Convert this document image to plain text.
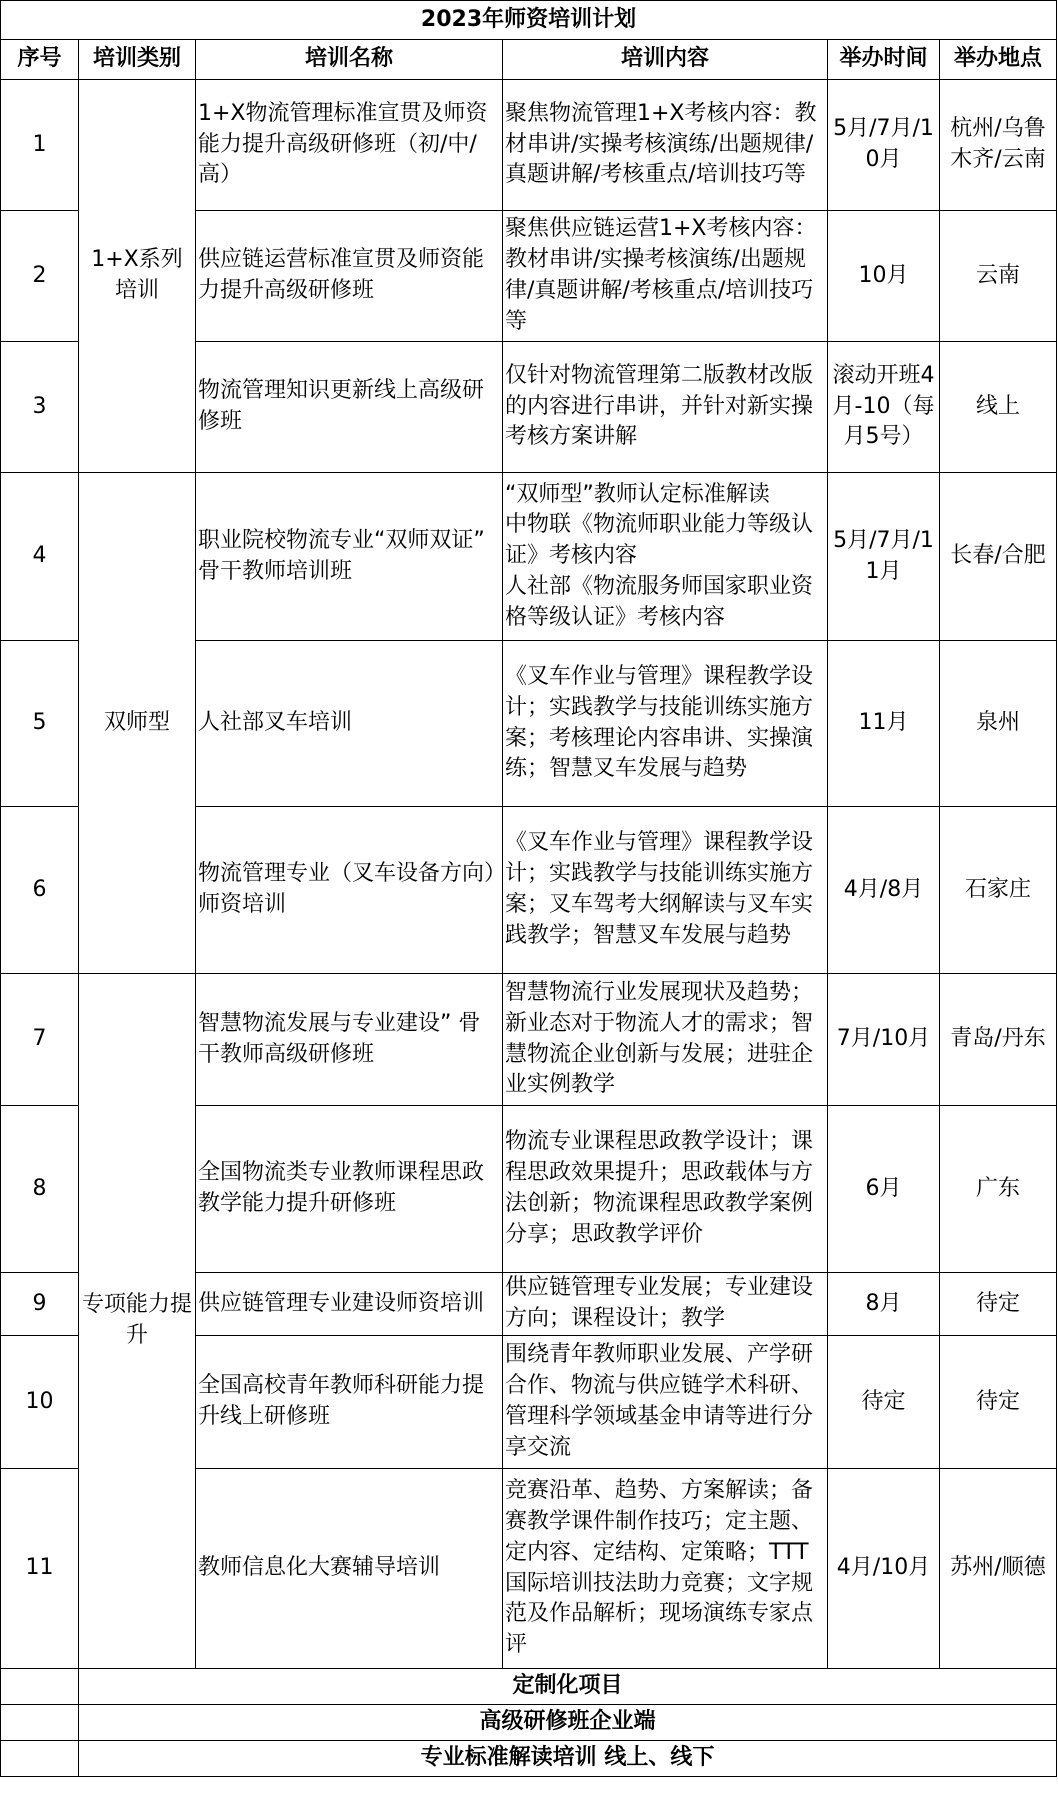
2023年师资培训计划					
序号	培训类别	培训名称	培训内容	举办时间	举办地点
1	1+X系列培训	1+X物流管理标准宣贯及师资能力提升高级研修班（初/中/高）	聚焦物流管理1+X考核内容：教材串讲/实操考核演练/出题规律/真题讲解/考核重点/培训技巧等	5月/7月/10月	杭州/乌鲁木齐/云南
2		供应链运营标准宣贯及师资能力提升高级研修班	聚焦供应链运营1+X考核内容：教材串讲/实操考核演练/出题规律/真题讲解/考核重点/培训技巧等	10月	云南
3		物流管理知识更新线上高级研修班	仅针对物流管理第二版教材改版的内容进行串讲，并针对新实操考核方案讲解	滚动开班4月-10（每月5号）	线上
4	双师型	职业院校物流专业“双师双证” 骨干教师培训班	“双师型”教师认定标准解读
中物联《物流师职业能力等级认证》考核内容
人社部《物流服务师国家职业资格等级认证》考核内容	5月/7月/11月	长春/合肥
5		人社部叉车培训	《叉车作业与管理》课程教学设计；实践教学与技能训练实施方案；考核理论内容串讲、实操演练；智慧叉车发展与趋势	11月	泉州
6		物流管理专业（叉车设备方向）师资培训	《叉车作业与管理》课程教学设计；实践教学与技能训练实施方案；叉车驾考大纲解读与叉车实践教学；智慧叉车发展与趋势	4月/8月	石家庄
7	专项能力提升	智慧物流发展与专业建设” 骨干教师高级研修班	智慧物流行业发展现状及趋势；新业态对于物流人才的需求；智慧物流企业创新与发展；进驻企业实例教学	7月/10月	青岛/丹东
8		全国物流类专业教师课程思政教学能力提升研修班	物流专业课程思政教学设计；课程思政效果提升；思政载体与方法创新；物流课程思政教学案例分享；思政教学评价	6月	广东
9		供应链管理专业建设师资培训	供应链管理专业发展；专业建设方向；课程设计；教学	8月	待定
10		全国高校青年教师科研能力提升线上研修班	围绕青年教师职业发展、产学研合作、物流与供应链学术科研、管理科学领域基金申请等进行分享交流	待定	待定
11		教师信息化大赛辅导培训	竞赛沿革、趋势、方案解读；备赛教学课件制作技巧；定主题、定内容、定结构、定策略；TTT国际培训技法助力竞赛；文字规范及作品解析；现场演练专家点评	4月/10月	苏州/顺德
	定制化项目				
	高级研修班企业端				
	专业标准解读培训 线上、线下				
